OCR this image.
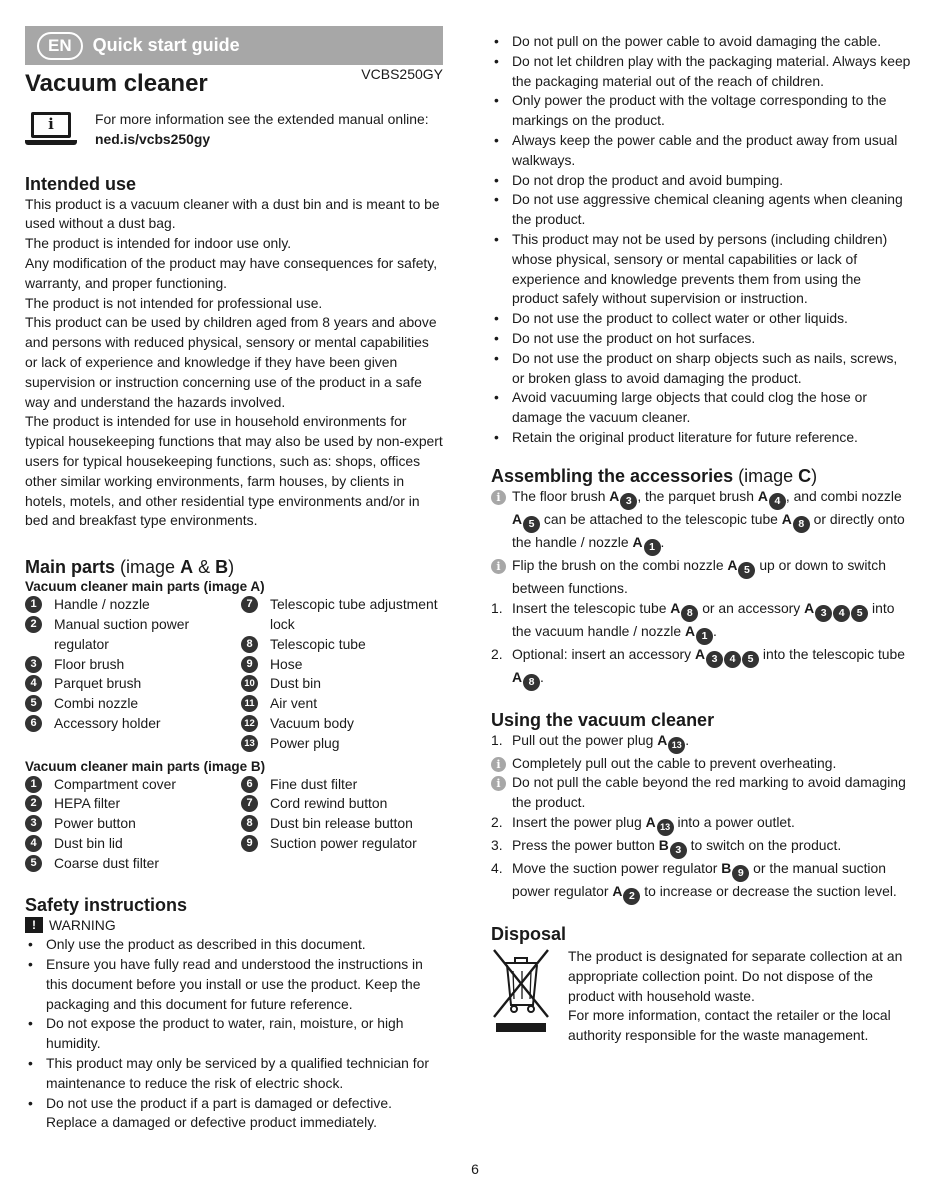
EN	Quick start guide
Vacuum cleaner	VCBS250GY
i	For more information see the extended manual online:

ned.is/vcbs250gy

Intended use

This product is a vacuum cleaner with a dust bin and is meant to be used without a dust bag.

The product is intended for indoor use only.

Any modification of the product may have consequences for safety, warranty, and proper functioning.

The product is not intended for professional use.

This product can be used by children aged from 8 years and above and persons with reduced physical, sensory or mental capabilities or lack of experience and knowledge if they have been given supervision or instruction concerning use of the product in a safe way and understand the hazards involved.

The product is intended for use in household environments for typical housekeeping functions that may also be used by non-expert users for typical housekeeping functions, such as: shops, offices other similar working environments, farm houses, by clients in hotels, motels, and other residential type environments and/or in bed and breakfast type environments.

Main parts (image A & B)
Vacuum cleaner main parts (image A)
1	Handle / nozzle
2	Manual suction power regulator
3	Floor brush
4	Parquet brush
5	Combi nozzle
6	Accessory holder
7	Telescopic tube adjustment lock
8	Telescopic tube
9	Hose
10 Dust bin
11 Air vent
12 Vacuum body
13 Power plug
Vacuum cleaner main parts (image B)
1	Compartment cover
2	HEPA filter
3	Power button
4	Dust bin lid
5	Coarse dust filter
6	Fine dust filter
7	Cord rewind button
8	Dust bin release button
9	Suction power regulator
Safety instructions
! WARNING
• Only use the product as described in this document.
• Ensure you have fully read and understood the instructions in this document before you install or use the product. Keep the packaging and this document for future reference.
• Do not expose the product to water, rain, moisture, or high humidity.
• This product may only be serviced by a qualified technician for maintenance to reduce the risk of electric shock.
• Do not use the product if a part is damaged or defective. Replace a damaged or defective product immediately.
• Do not pull on the power cable to avoid damaging the cable.
• Do not let children play with the packaging material. Always keep the packaging material out of the reach of children.
• Only power the product with the voltage corresponding to the markings on the product.
• Always keep the power cable and the product away from usual walkways.
• Do not drop the product and avoid bumping.
• Do not use aggressive chemical cleaning agents when cleaning the product.
• This product may not be used by persons (including children) whose physical, sensory or mental capabilities or lack of experience and knowledge prevents them from using the product safely without supervision or instruction.
• Do not use the product to collect water or other liquids.
• Do not use the product on hot surfaces.
• Do not use the product on sharp objects such as nails, screws, or broken glass to avoid damaging the product.
• Avoid vacuuming large objects that could clog the hose or damage the vacuum cleaner.
• Retain the original product literature for future reference.
Assembling the accessories (image C)
i The floor brush A 3 , the parquet brush A 4 , and combi nozzle A 5 can be attached to the telescopic tube A 8 or directly onto the handle / nozzle A 1 .
i Flip the brush on the combi nozzle A 5 up or down to switch between functions.
1. Insert the telescopic tube A 8 or an accessory A 3 4 5 into the vacuum handle / nozzle A 1 .
2. Optional: insert an accessory A 3 4 5 into the telescopic tube A 8 .
Using the vacuum cleaner
1. Pull out the power plug A 13 .
i Completely pull out the cable to prevent overheating.
i Do not pull the cable beyond the red marking to avoid damaging the product.
2. Insert the power plug A 13 into a power outlet.
3. Press the power button B 3 to switch on the product.
4. Move the suction power regulator B 9 or the manual suction power regulator A 2 to increase or decrease the suction level.
Disposal

The product is designated for separate collection at an appropriate collection point. Do not dispose of the product with household waste.

For more information, contact the retailer or the local authority responsible for the waste management.

6
